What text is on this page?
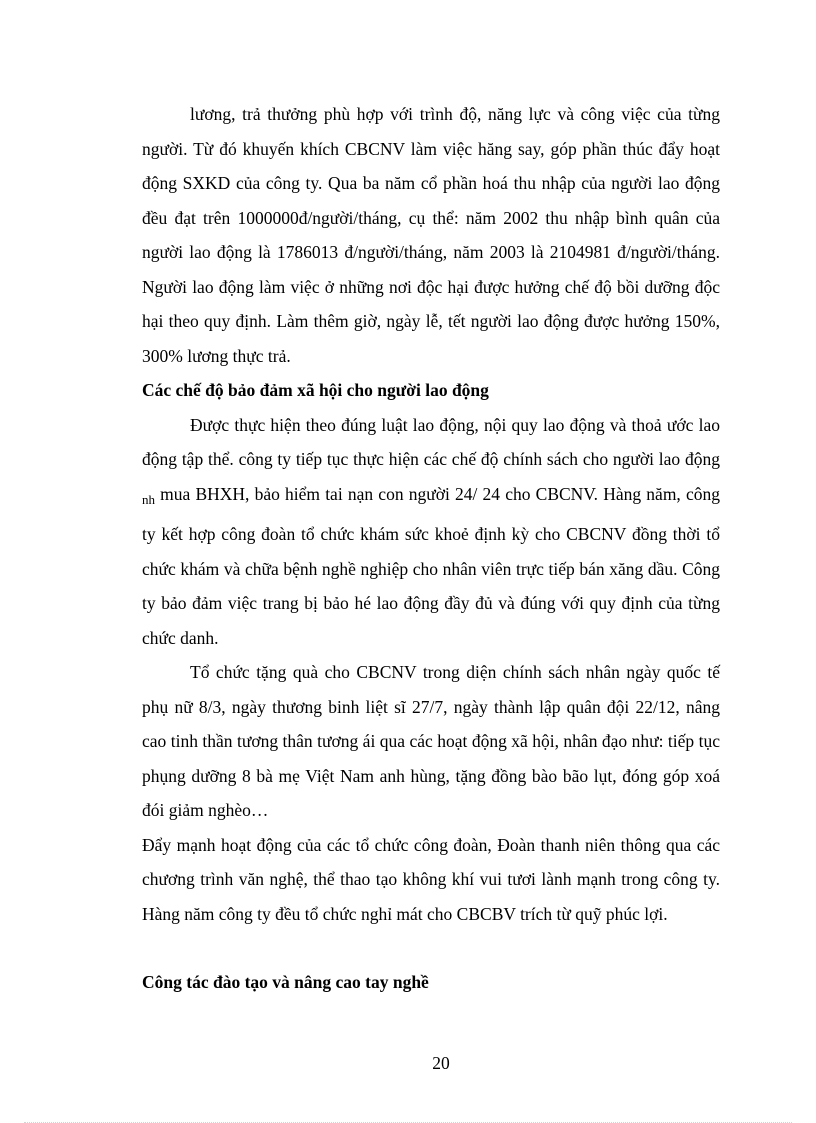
lương, trả thưởng phù hợp với trình độ, năng lực và công việc của từng người. Từ đó khuyến khích CBCNV làm việc hăng say, góp phần thúc đẩy hoạt động SXKD của công ty. Qua ba năm cổ phần hoá thu nhập của người lao động đều đạt trên 1000000đ/người/tháng, cụ thể: năm 2002 thu nhập bình quân của người lao động là 1786013 đ/người/tháng, năm 2003 là 2104981 đ/người/tháng. Người lao động làm việc ở những nơi độc hại được hưởng chế độ bồi dưỡng độc hại theo quy định. Làm thêm giờ, ngày lễ, tết người lao động được hưởng 150%, 300% lương thực trả.

Các chế độ bảo đảm xã hội cho người lao động

Được thực hiện theo đúng luật lao động, nội quy lao động và thoả ước lao động tập thể. công ty tiếp tục thực hiện các chế độ chính sách cho người lao động $_{nh}$ mua BHXH, bảo hiểm tai nạn con người 24/ 24 cho CBCNV. Hàng năm, công ty kết hợp công đoàn tổ chức khám sức khoẻ định kỳ cho CBCNV đồng thời tổ chức khám và chữa bệnh nghề nghiệp cho nhân viên trực tiếp bán xăng dầu. Công ty bảo đảm việc trang bị bảo hé lao động đầy đủ và đúng với quy định của từng chức danh.

Tổ chức tặng quà cho CBCNV trong diện chính sách nhân ngày quốc tế phụ nữ 8/3, ngày thương binh liệt sĩ 27/7, ngày thành lập quân đội 22/12, nâng cao tinh thần tương thân tương ái qua các hoạt động xã hội, nhân đạo như: tiếp tục phụng dưỡng 8 bà mẹ Việt Nam anh hùng, tặng đồng bào bão lụt, đóng góp xoá đói giảm nghèo…

Đẩy mạnh hoạt động của các tổ chức công đoàn, Đoàn thanh niên thông qua các chương trình văn nghệ, thể thao tạo không khí vui tươi lành mạnh trong công ty. Hàng năm công ty đều tổ chức nghỉ mát cho CBCBV trích từ quỹ phúc lợi.

Công tác đào tạo và nâng cao tay nghề

20
